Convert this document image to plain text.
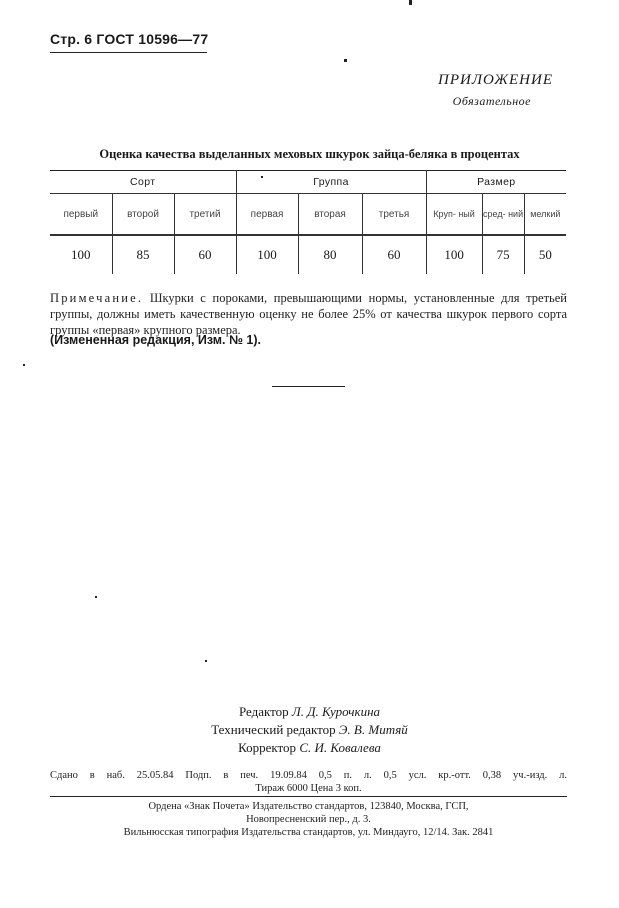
Стр. 6 ГОСТ 10596—77
ПРИЛОЖЕНИЕ
Обязательное
Оценка качества выделанных меховых шкурок зайца-беляка в процентах
Сорт			Группа			Размер		
первый	второй	третий	первая	вторая	третья	Круп- ный	сред- ний	мелкий
100	85	60	100	80	60	100	75	50
Примечание. Шкурки с пороками, превышающими нормы, установленные для третьей группы, должны иметь качественную оценку не более 25% от качества шкурок первого сорта группы «первая» крупного размера.
(Измененная редакция, Изм. № 1).
Редактор Л. Д. Курочкина
Технический редактор Э. В. Митяй
Корректор С. И. Ковалева
Сдано в наб. 25.05.84 Подп. в печ. 19.09.84 0,5 п. л. 0,5 усл. кр.-отт. 0,38 уч.-изд. л.
Тираж 6000 Цена 3 коп.
Ордена «Знак Почета» Издательство стандартов, 123840, Москва, ГСП,
Новопресненский пер., д. 3.
Вильнюсская типография Издательства стандартов, ул. Миндауго, 12/14. Зак. 2841
